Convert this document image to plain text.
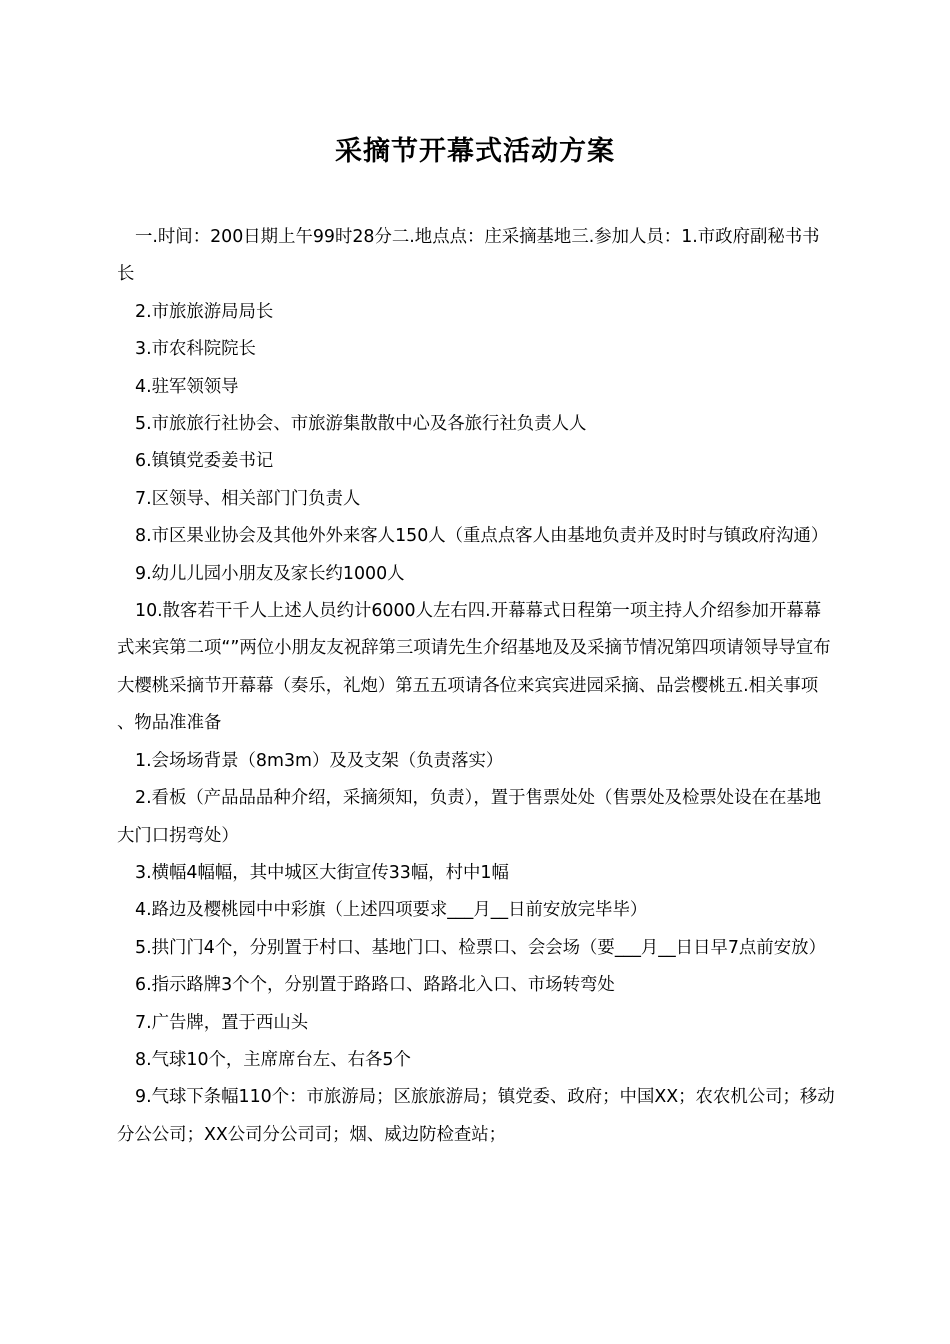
采摘节开幕式活动方案

一.时间：200日期上午99时28分二.地点点：庄采摘基地三.参加人员：1.市政府副秘书书长

2.市旅旅游局局长

3.市农科院院长

4.驻军领领导

5.市旅旅行社协会、市旅游集散散中心及各旅行社负责人人

6.镇镇党委姜书记

7.区领导、相关部门门负责人

8.市区果业协会及其他外外来客人150人（重点点客人由基地负责并及时时与镇政府沟通）

9.幼儿儿园小朋友及家长约1000人

10.散客若干千人上述人员约计6000人左右四.开幕幕式日程第一项主持人介绍参加开幕幕式来宾第二项“”两位小朋友友祝辞第三项请先生介绍基地及及采摘节情况第四项请领导导宣布大樱桃采摘节开幕幕（奏乐，礼炮）第五五项请各位来宾宾进园采摘、品尝樱桃五.相关事项、物品准准备

1.会场场背景（8m3m）及及支架（负责落实）

2.看板（产品品品种介绍，采摘须知，负责），置于售票处处（售票处及检票处设在在基地大门口拐弯处）

3.横幅4幅幅，其中城区大街宣传33幅，村中1幅

4.路边及樱桃园中中彩旗（上述四项要求___月__日前安放完毕毕）

5.拱门门4个，分别置于村口、基地门口、检票口、会会场（要___月__日日早7点前安放）

6.指示路牌3个个，分别置于路路口、路路北入口、市场转弯处

7.广告牌，置于西山头

8.气球10个，主席席台左、右各5个

9.气球下条幅110个：市旅游局；区旅旅游局；镇党委、政府；中国XX；农农机公司；移动分公公司；XX公司分公司司；烟、威边防检查站；
